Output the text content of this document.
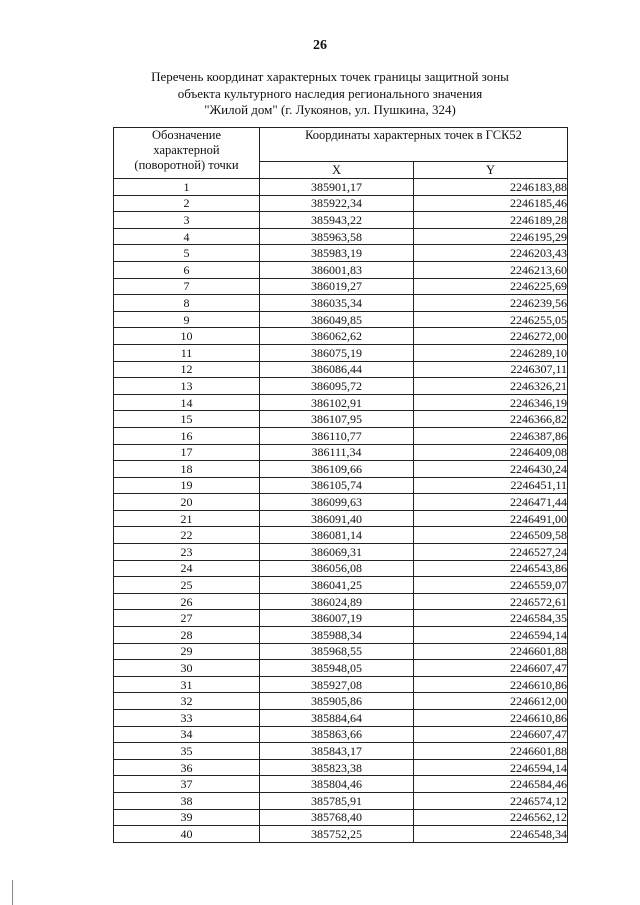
26
Перечень координат характерных точек границы защитной зоны
объекта культурного наследия регионального значения
"Жилой дом" (г. Лукоянов, ул. Пушкина, 324)
Обозначение
характерной
(поворотной) точки	Координаты характерных точек в ГСК52	
	X	Y
1	385901,17	2246183,88
2	385922,34	2246185,46
3	385943,22	2246189,28
4	385963,58	2246195,29
5	385983,19	2246203,43
6	386001,83	2246213,60
7	386019,27	2246225,69
8	386035,34	2246239,56
9	386049,85	2246255,05
10	386062,62	2246272,00
11	386075,19	2246289,10
12	386086,44	2246307,11
13	386095,72	2246326,21
14	386102,91	2246346,19
15	386107,95	2246366,82
16	386110,77	2246387,86
17	386111,34	2246409,08
18	386109,66	2246430,24
19	386105,74	2246451,11
20	386099,63	2246471,44
21	386091,40	2246491,00
22	386081,14	2246509,58
23	386069,31	2246527,24
24	386056,08	2246543,86
25	386041,25	2246559,07
26	386024,89	2246572,61
27	386007,19	2246584,35
28	385988,34	2246594,14
29	385968,55	2246601,88
30	385948,05	2246607,47
31	385927,08	2246610,86
32	385905,86	2246612,00
33	385884,64	2246610,86
34	385863,66	2246607,47
35	385843,17	2246601,88
36	385823,38	2246594,14
37	385804,46	2246584,46
38	385785,91	2246574,12
39	385768,40	2246562,12
40	385752,25	2246548,34
